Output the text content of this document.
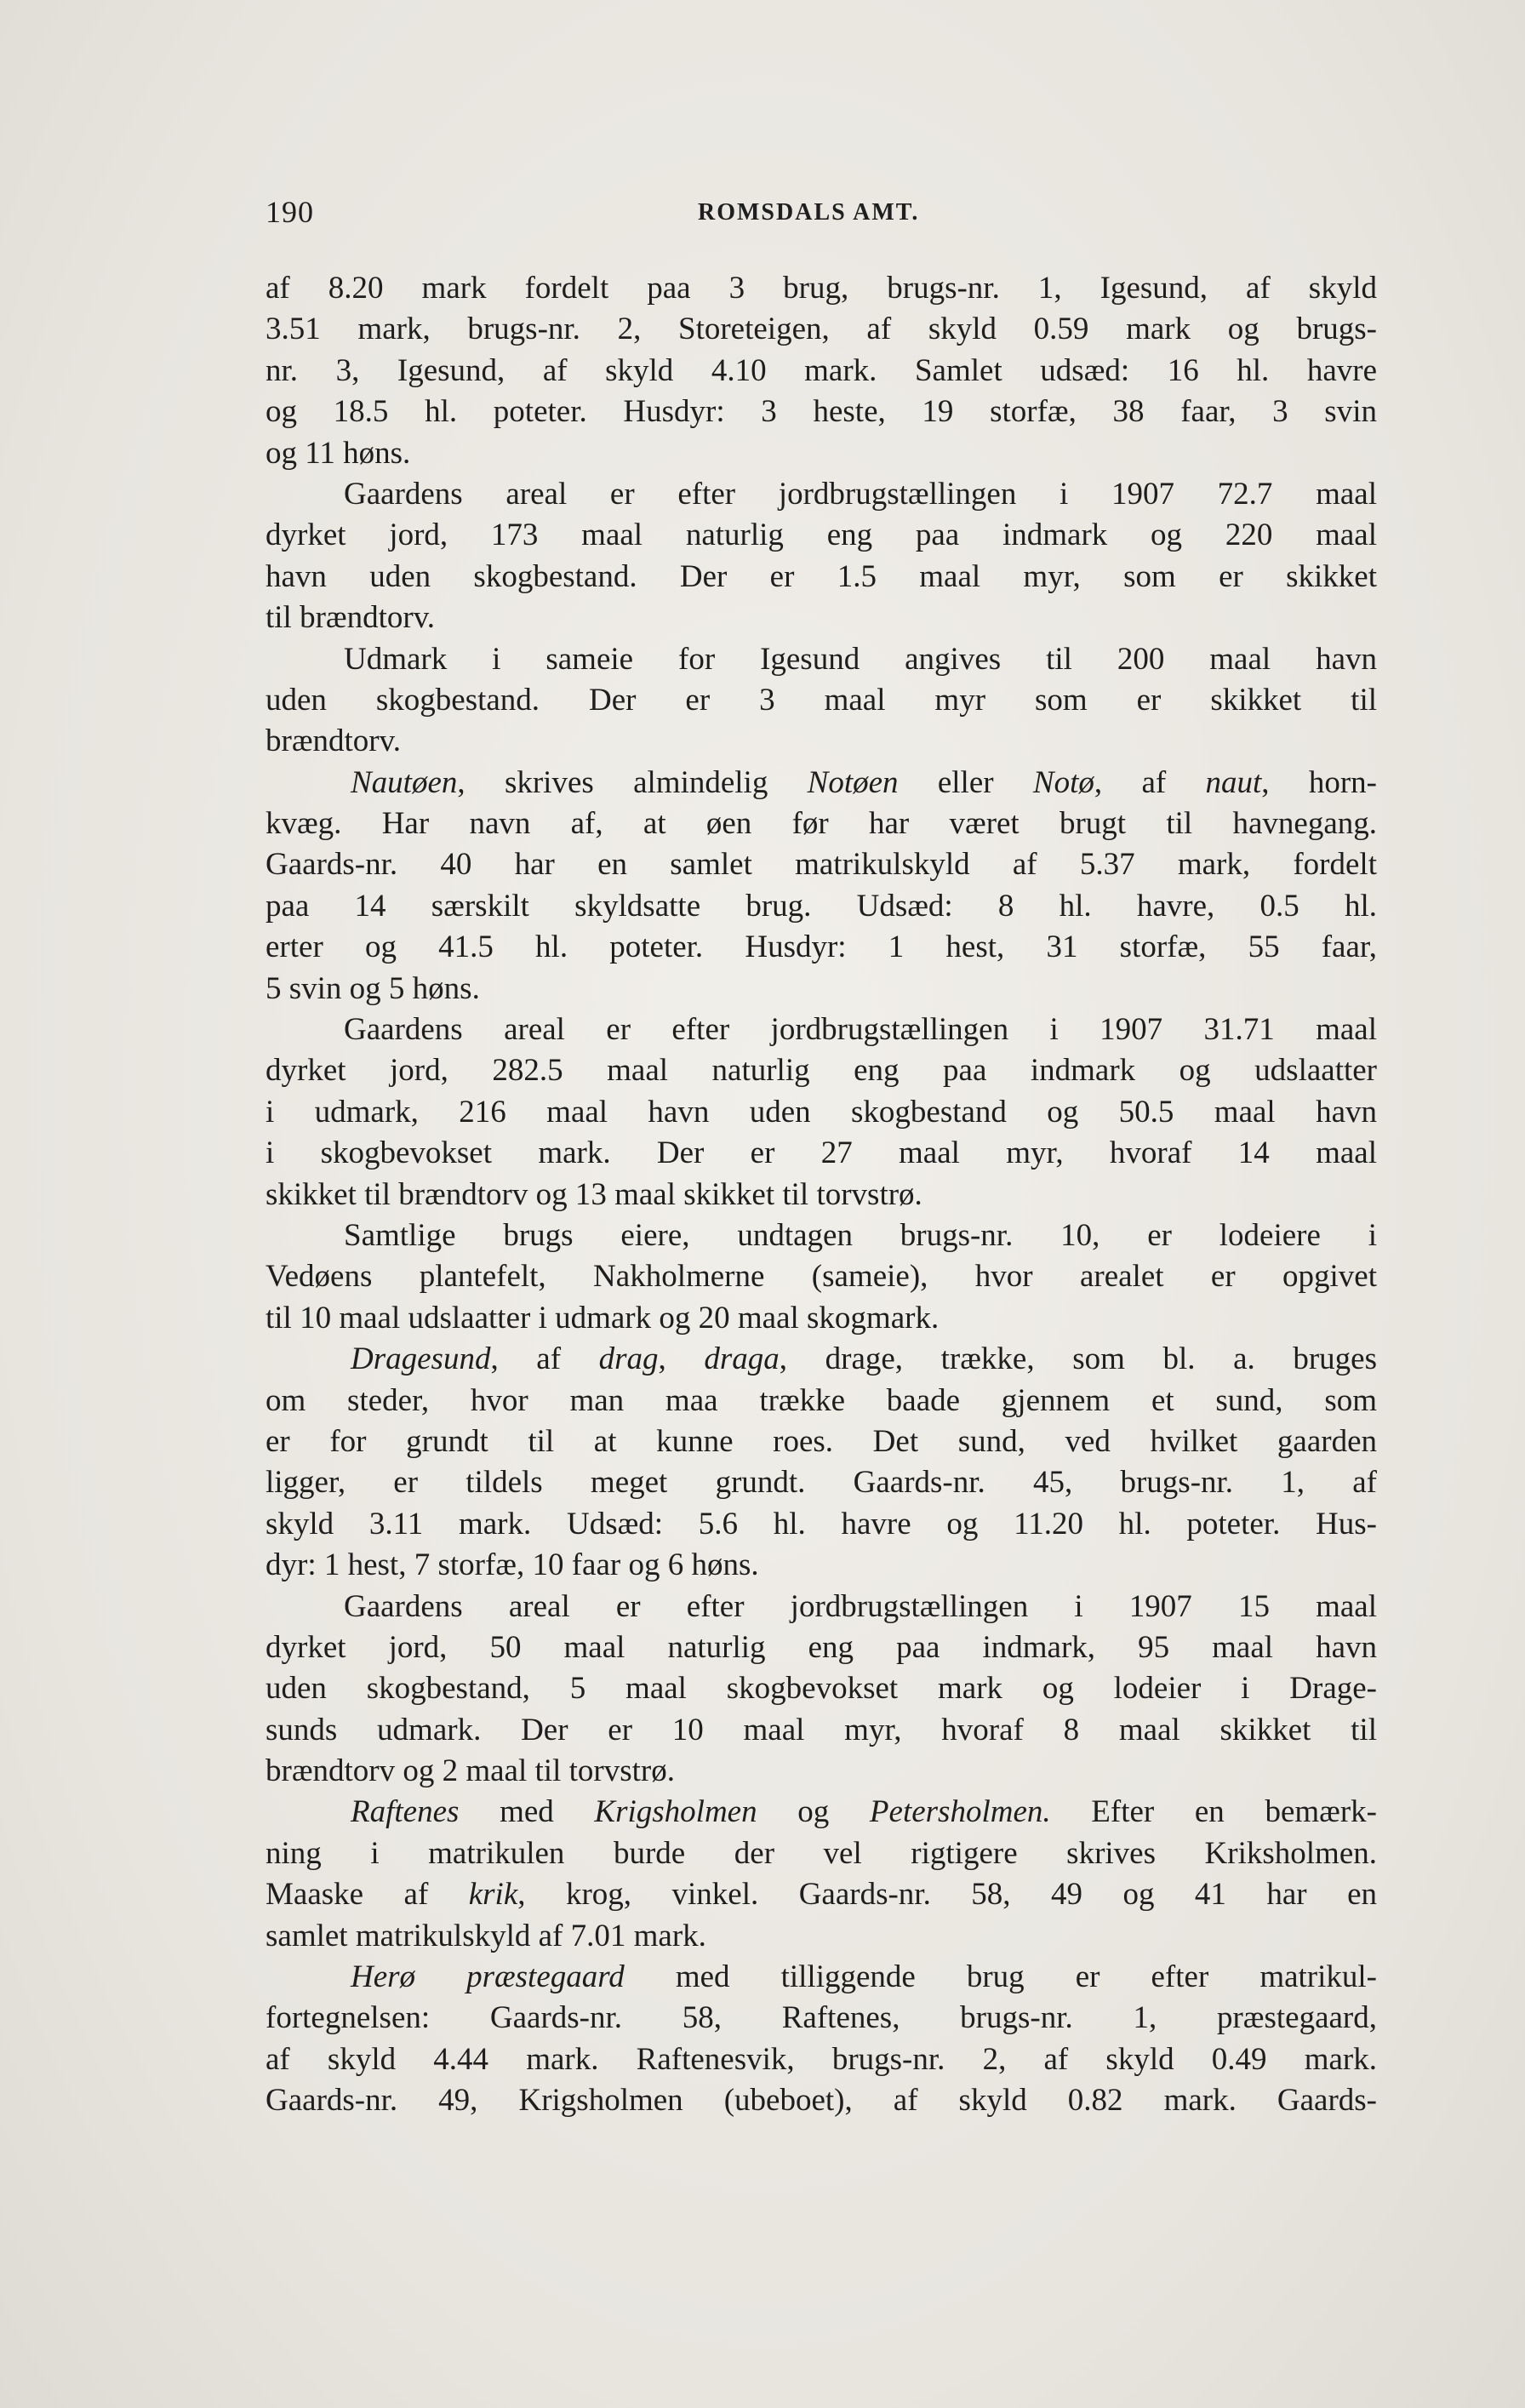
190	ROMSDALS AMT.
af 8.20 mark fordelt paa 3 brug, brugs-nr. 1, Igesund, af skyld
3.51 mark, brugs-nr. 2, Storeteigen, af skyld 0.59 mark og brugs-
nr. 3, Igesund, af skyld 4.10 mark. Samlet udsæd: 16 hl. havre
og 18.5 hl. poteter. Husdyr: 3 heste, 19 storfæ, 38 faar, 3 svin
og 11 høns.
Gaardens areal er efter jordbrugstællingen i 1907 72.7 maal
dyrket jord, 173 maal naturlig eng paa indmark og 220 maal
havn uden skogbestand. Der er 1.5 maal myr, som er skikket
til brændtorv.
Udmark i sameie for Igesund angives til 200 maal havn
uden skogbestand. Der er 3 maal myr som er skikket til
brændtorv.
Nautøen, skrives almindelig Notøen eller Notø, af naut, horn-
kvæg. Har navn af, at øen før har været brugt til havnegang.
Gaards-nr. 40 har en samlet matrikulskyld af 5.37 mark, fordelt
paa 14 særskilt skyldsatte brug. Udsæd: 8 hl. havre, 0.5 hl.
erter og 41.5 hl. poteter. Husdyr: 1 hest, 31 storfæ, 55 faar,
5 svin og 5 høns.
Gaardens areal er efter jordbrugstællingen i 1907 31.71 maal
dyrket jord, 282.5 maal naturlig eng paa indmark og udslaatter
i udmark, 216 maal havn uden skogbestand og 50.5 maal havn
i skogbevokset mark. Der er 27 maal myr, hvoraf 14 maal
skikket til brændtorv og 13 maal skikket til torvstrø.
Samtlige brugs eiere, undtagen brugs-nr. 10, er lodeiere i
Vedøens plantefelt, Nakholmerne (sameie), hvor arealet er opgivet
til 10 maal udslaatter i udmark og 20 maal skogmark.
Dragesund, af drag, draga, drage, trække, som bl. a. bruges
om steder, hvor man maa trække baade gjennem et sund, som
er for grundt til at kunne roes. Det sund, ved hvilket gaarden
ligger, er tildels meget grundt. Gaards-nr. 45, brugs-nr. 1, af
skyld 3.11 mark. Udsæd: 5.6 hl. havre og 11.20 hl. poteter. Hus-
dyr: 1 hest, 7 storfæ, 10 faar og 6 høns.
Gaardens areal er efter jordbrugstællingen i 1907 15 maal
dyrket jord, 50 maal naturlig eng paa indmark, 95 maal havn
uden skogbestand, 5 maal skogbevokset mark og lodeier i Drage-
sunds udmark. Der er 10 maal myr, hvoraf 8 maal skikket til
brændtorv og 2 maal til torvstrø.
Raftenes med Krigsholmen og Petersholmen. Efter en bemærk-
ning i matrikulen burde der vel rigtigere skrives Kriksholmen.
Maaske af krik, krog, vinkel. Gaards-nr. 58, 49 og 41 har en
samlet matrikulskyld af 7.01 mark.
Herø præstegaard med tilliggende brug er efter matrikul-
fortegnelsen: Gaards-nr. 58, Raftenes, brugs-nr. 1, præstegaard,
af skyld 4.44 mark. Raftenesvik, brugs-nr. 2, af skyld 0.49 mark.
Gaards-nr. 49, Krigsholmen (ubeboet), af skyld 0.82 mark. Gaards-
